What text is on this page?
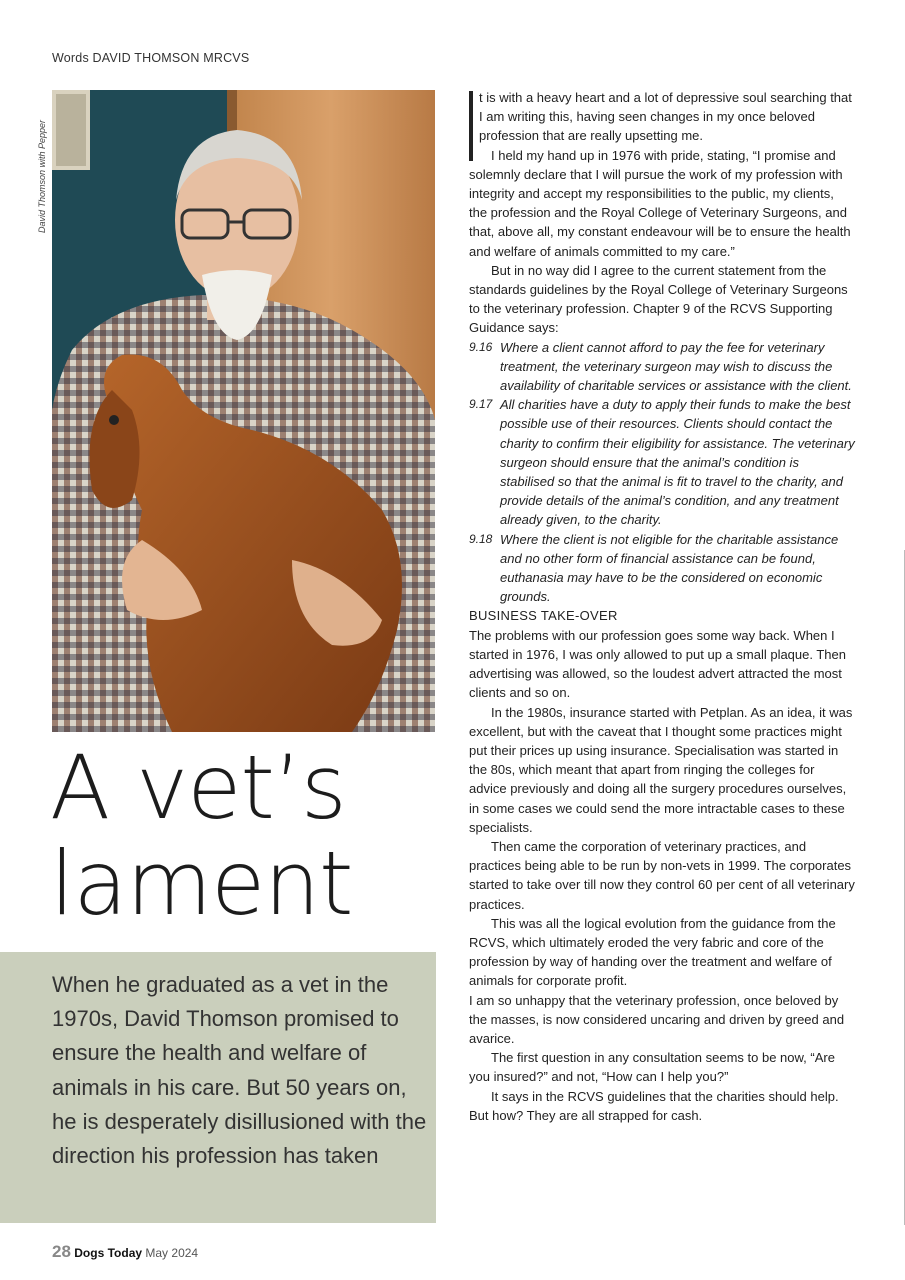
Words DAVID THOMSON MRCVS
David Thomson with Pepper
A vet’s
lament
When he graduated as a vet in the 1970s, David Thomson promised to ensure the health and welfare of animals in his care. But 50 years on, he is desperately disillusioned with the direction his profession has taken

t is with a heavy heart and a lot of depressive soul searching that I am writing this, having seen changes in my once beloved profession that are really upsetting me.

I held my hand up in 1976 with pride, stating, “I promise and solemnly declare that I will pursue the work of my profession with integrity and accept my responsibilities to the public, my clients, the profession and the Royal College of Veterinary Surgeons, and that, above all, my constant endeavour will be to ensure the health and welfare of animals committed to my care.”

But in no way did I agree to the current statement from the standards guidelines by the Royal College of Veterinary Surgeons to the veterinary profession. Chapter 9 of the RCVS Supporting Guidance says:

9.16 Where a client cannot afford to pay the fee for veterinary treatment, the veterinary surgeon may wish to discuss the availability of charitable services or assistance with the client.
9.17 All charities have a duty to apply their funds to make the best possible use of their resources. Clients should contact the charity to confirm their eligibility for assistance. The veterinary surgeon should ensure that the animal’s condition is stabilised so that the animal is fit to travel to the charity, and provide details of the animal’s condition, and any treatment already given, to the charity.
9.18 Where the client is not eligible for the charitable assistance and no other form of financial assistance can be found, euthanasia may have to be the considered on economic grounds.

BUSINESS TAKE-OVER

The problems with our profession goes some way back. When I started in 1976, I was only allowed to put up a small plaque. Then advertising was allowed, so the loudest advert attracted the most clients and so on.

In the 1980s, insurance started with Petplan. As an idea, it was excellent, but with the caveat that I thought some practices might put their prices up using insurance. Specialisation was started in the 80s, which meant that apart from ringing the colleges for advice previously and doing all the surgery procedures ourselves, in some cases we could send the more intractable cases to these specialists.

Then came the corporation of veterinary practices, and practices being able to be run by non-vets in 1999. The corporates started to take over till now they control 60 per cent of all veterinary practices.

This was all the logical evolution from the guidance from the RCVS, which ultimately eroded the very fabric and core of the profession by way of handing over the treatment and welfare of animals for corporate profit.

I am so unhappy that the veterinary profession, once beloved by the masses, is now considered uncaring and driven by greed and avarice.

The first question in any consultation seems to be now, “Are you insured?” and not, “How can I help you?”

It says in the RCVS guidelines that the charities should help. But how? They are all strapped for cash.

28 Dogs Today May 2024
